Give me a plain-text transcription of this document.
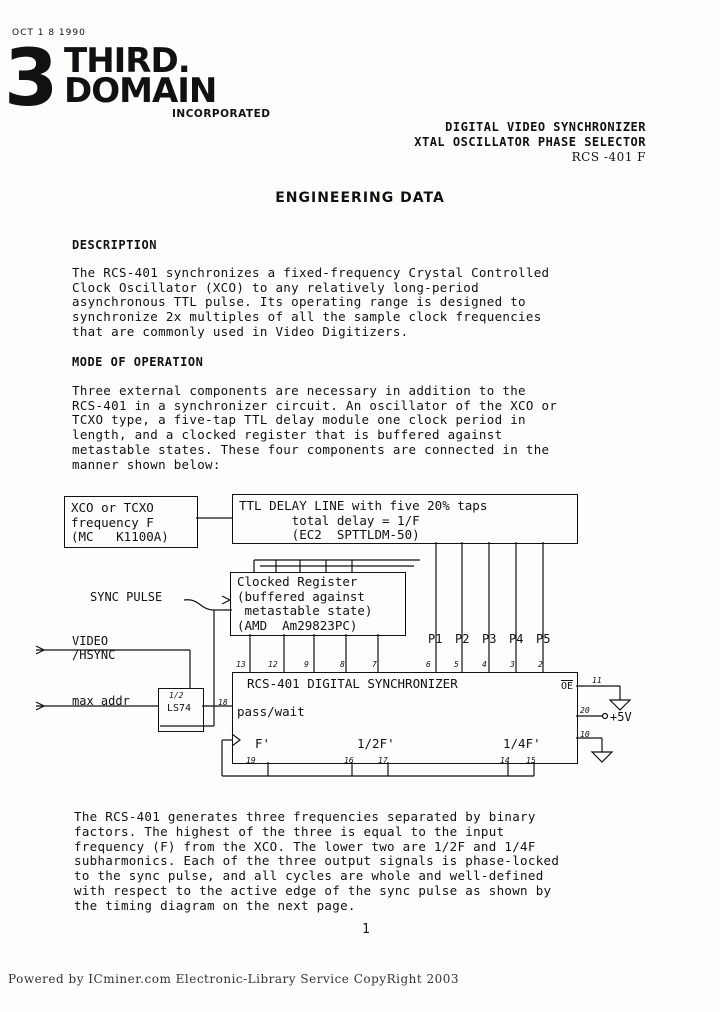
OCT 1 8 1990
3 THIRD.
DOMAIN
INCORPORATED
DIGITAL VIDEO SYNCHRONIZER
XTAL OSCILLATOR PHASE SELECTOR
RCS -401 F
ENGINEERING DATA
DESCRIPTION
The RCS-401 synchronizes a fixed-frequency Crystal Controlled
Clock Oscillator (XCO) to any relatively long-period
asynchronous TTL pulse. Its operating range is designed to
synchronize 2x multiples of all the sample clock frequencies
that are commonly used in Video Digitizers.
MODE OF OPERATION
Three external components are necessary in addition to the
RCS-401 in a synchronizer circuit. An oscillator of the XCO or
TCXO type, a five-tap TTL delay module one clock period in
length, and a clocked register that is buffered against
metastable states. These four components are connected in the
manner shown below:
XCO or TCXO
frequency F
(MC   K1100A)
TTL DELAY LINE with five 20% taps
total delay = 1/F
(EC2  SPTTLDM-50)
Clocked Register
(buffered against
metastable state)
(AMD  Am29823PC)
SYNC PULSE
VIDEO
/HSYNC
max addr	1/2
LS74
RCS-401 DIGITAL SYNCHRONIZER
pass/wait
$\overline{OE}$
F'	1/2F'	1/4F'
+5V
P1 P2 P3 P4 P5
13	12	9	8	7	6	5	4	3	2
18
11
20
10
19	16	17	14 15
The RCS-401 generates three frequencies separated by binary
factors. The highest of the three is equal to the input
frequency (F) from the XCO. The lower two are 1/2F and 1/4F
subharmonics. Each of the three output signals is phase-locked
to the sync pulse, and all cycles are whole and well-defined
with respect to the active edge of the sync pulse as shown by
the timing diagram on the next page.
1
Powered by ICminer.com Electronic-Library Service CopyRight 2003
